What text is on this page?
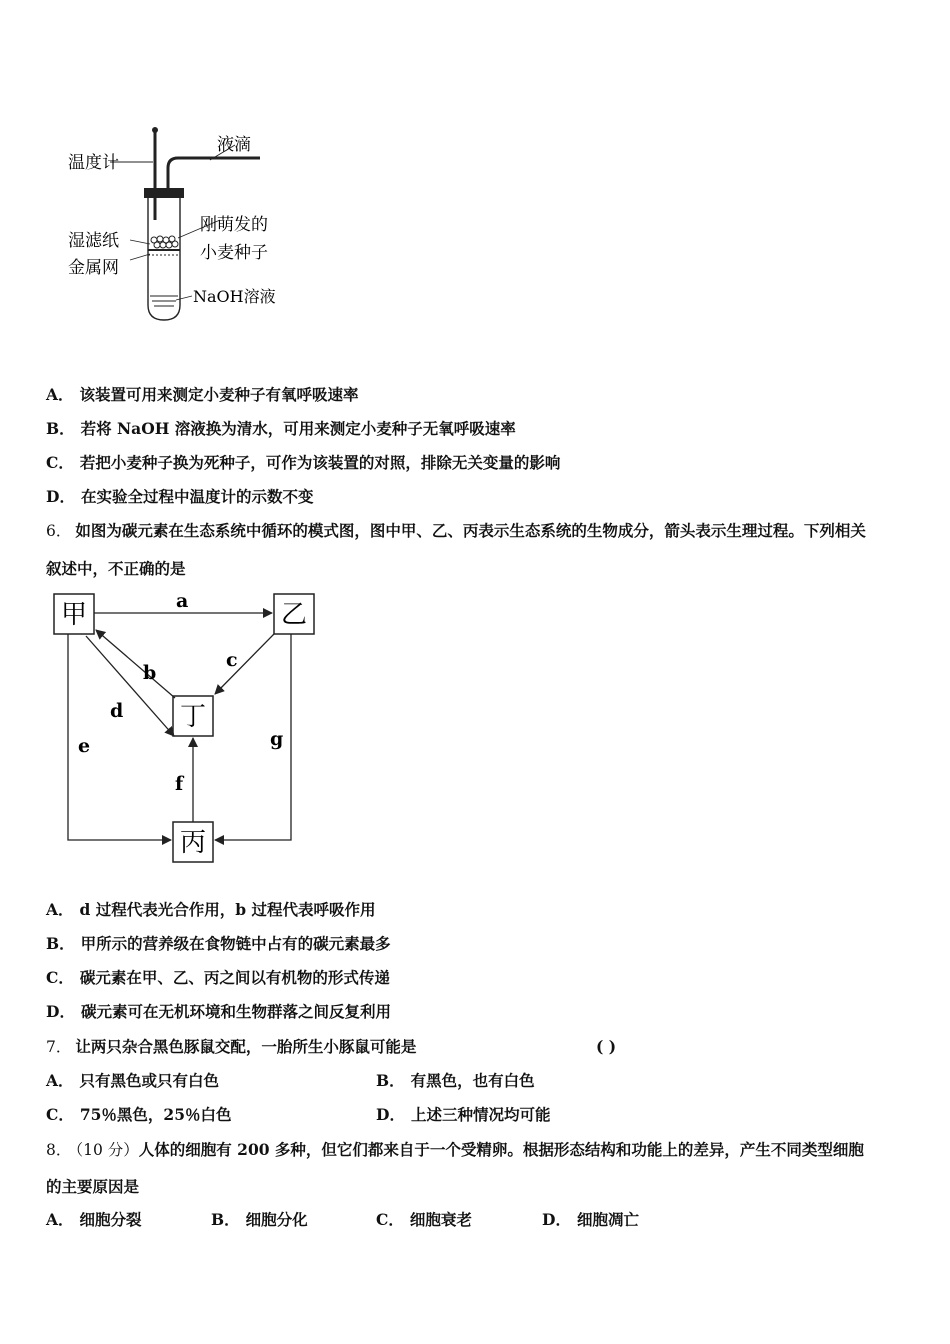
温度计
液滴
湿滤纸
金属网
刚萌发的
小麦种子
NaOH溶液
A． 该装置可用来测定小麦种子有氧呼吸速率
B． 若将 NaOH 溶液换为清水，可用来测定小麦种子无氧呼吸速率
C． 若把小麦种子换为死种子，可作为该装置的对照，排除无关变量的影响
D． 在实验全过程中温度计的示数不变
6． 如图为碳元素在生态系统中循环的模式图，图中甲、乙、丙表示生态系统的生物成分，箭头表示生理过程。下列相关
叙述中，不正确的是
甲	乙
丁
丙
a
b
c
d
e
f
g
A． d 过程代表光合作用，b 过程代表呼吸作用
B． 甲所示的营养级在食物链中占有的碳元素最多
C． 碳元素在甲、乙、丙之间以有机物的形式传递
D． 碳元素可在无机环境和生物群落之间反复利用
7． 让两只杂合黑色豚鼠交配，一胎所生小豚鼠可能是	( )
A． 只有黑色或只有白色	B． 有黑色，也有白色
C． 75％黑色，25％白色	D． 上述三种情况均可能
8． （10 分）人体的细胞有 200 多种，但它们都来自于一个受精卵。根据形态结构和功能上的差异，产生不同类型细胞
的主要原因是
A． 细胞分裂	B． 细胞分化	C． 细胞衰老	D． 细胞凋亡
